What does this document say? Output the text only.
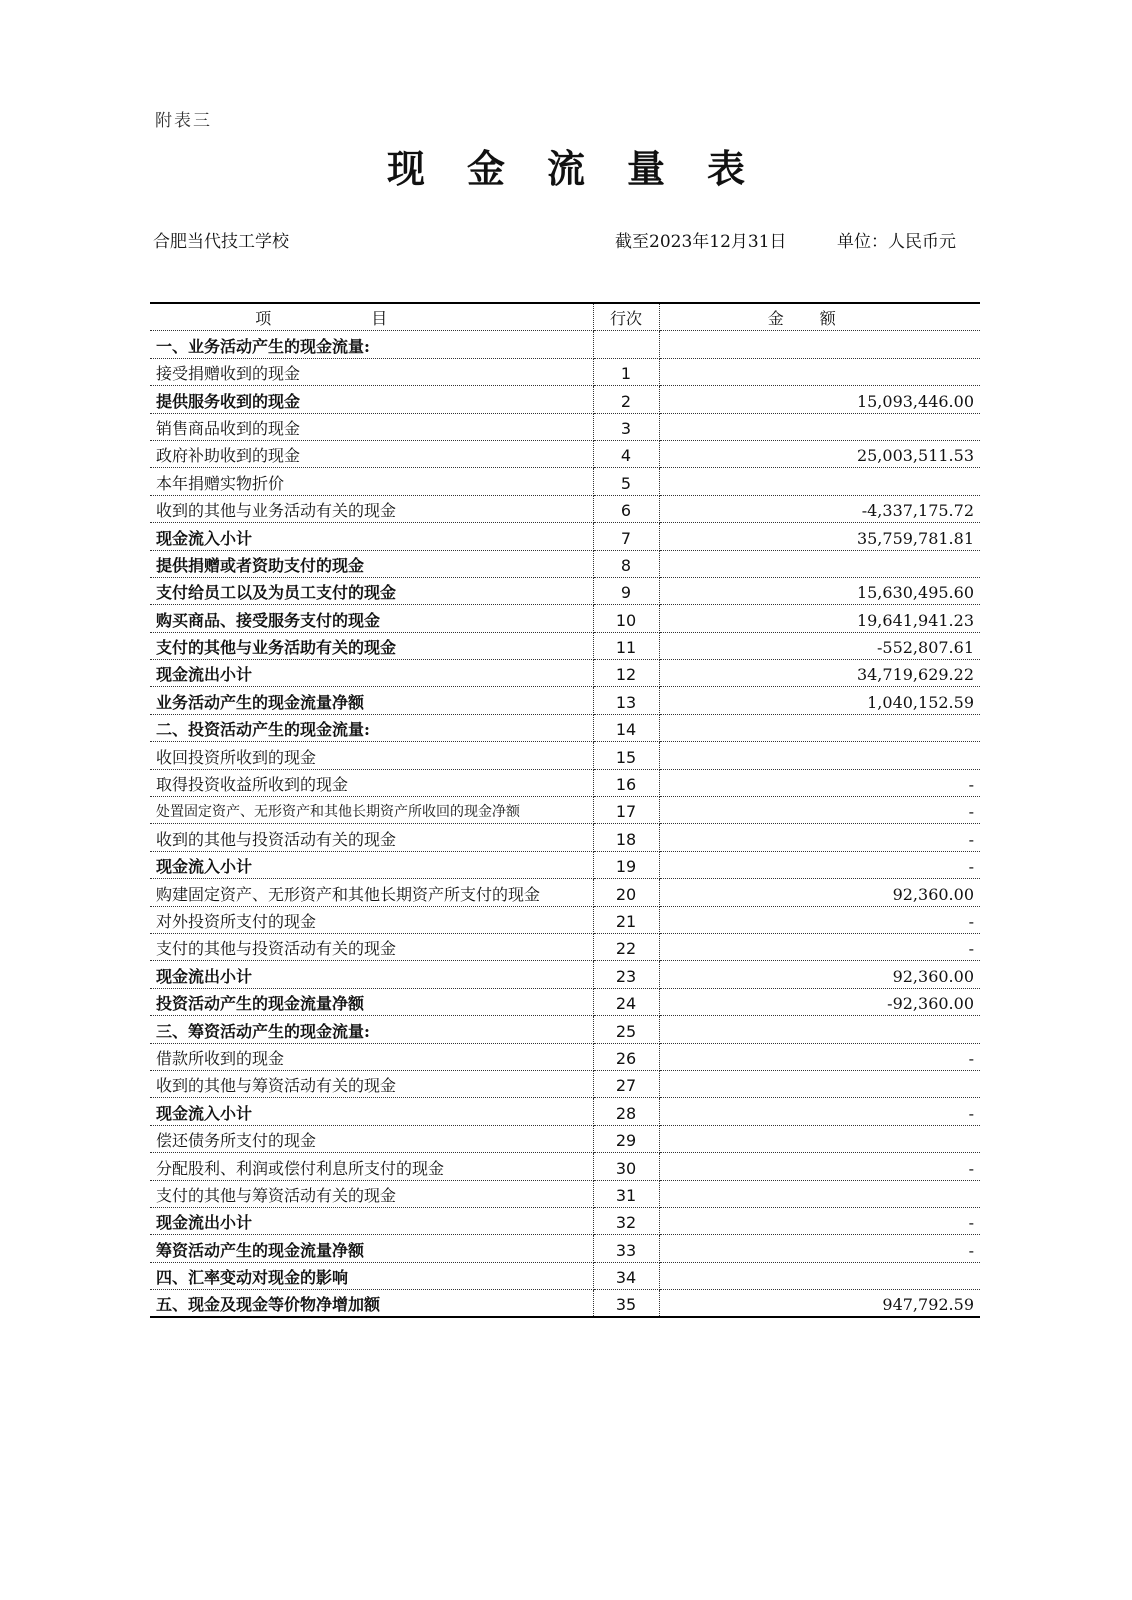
附表三
现金流量表
合肥当代技工学校	截至2023年12月31日	单位：人民币元
项目	行次	金额
一、业务活动产生的现金流量:		
接受捐赠收到的现金	1	
提供服务收到的现金	2	15,093,446.00
销售商品收到的现金	3	
政府补助收到的现金	4	25,003,511.53
本年捐赠实物折价	5	
收到的其他与业务活动有关的现金	6	-4,337,175.72
现金流入小计	7	35,759,781.81
提供捐赠或者资助支付的现金	8	
支付给员工以及为员工支付的现金	9	15,630,495.60
购买商品、接受服务支付的现金	10	19,641,941.23
支付的其他与业务活助有关的现金	11	-552,807.61
现金流出小计	12	34,719,629.22
业务活动产生的现金流量净额	13	1,040,152.59
二、投资活动产生的现金流量:	14	
收回投资所收到的现金	15	
取得投资收益所收到的现金	16	-
处置固定资产、无形资产和其他长期资产所收回的现金净额	17	-
收到的其他与投资活动有关的现金	18	-
现金流入小计	19	-
购建固定资产、无形资产和其他长期资产所支付的现金	20	92,360.00
对外投资所支付的现金	21	-
支付的其他与投资活动有关的现金	22	-
现金流出小计	23	92,360.00
投资活动产生的现金流量净额	24	-92,360.00
三、筹资活动产生的现金流量:	25	
借款所收到的现金	26	-
收到的其他与筹资活动有关的现金	27	
现金流入小计	28	-
偿还债务所支付的现金	29	
分配股利、利润或偿付利息所支付的现金	30	-
支付的其他与筹资活动有关的现金	31	
现金流出小计	32	-
筹资活动产生的现金流量净额	33	-
四、汇率变动对现金的影响	34	
五、现金及现金等价物净增加额	35	947,792.59
